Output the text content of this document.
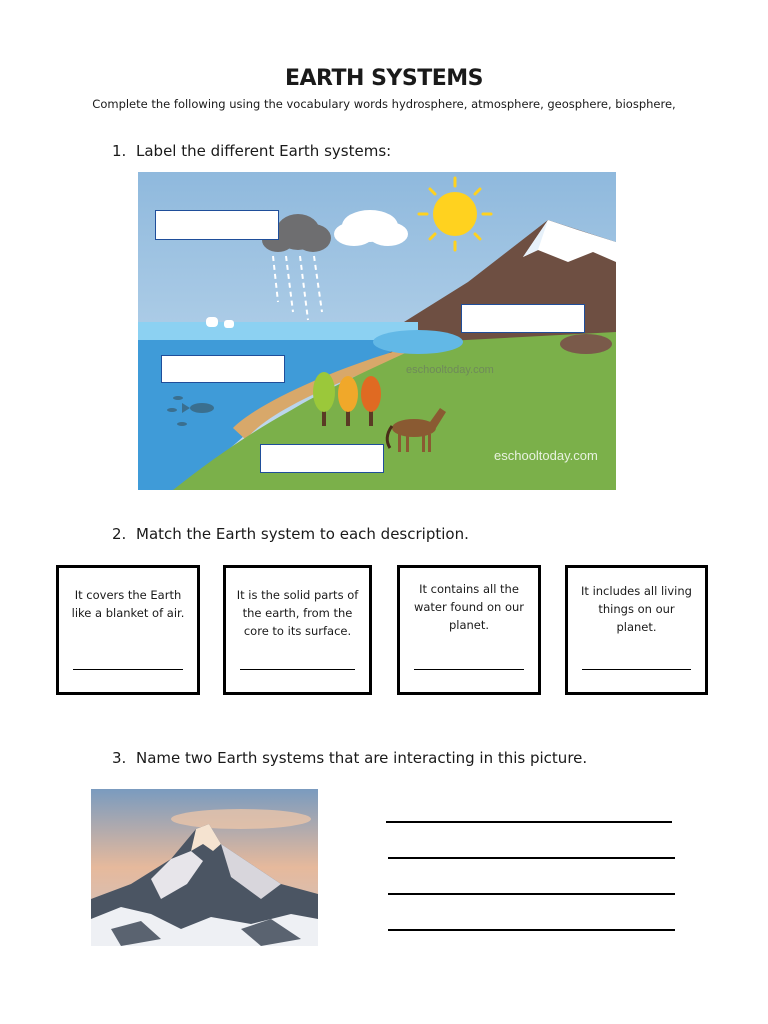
EARTH SYSTEMS
Complete the following using the vocabulary words hydrosphere, atmosphere, geosphere, biosphere,
1. Label the different Earth systems:
eschooltoday.com
eschooltoday.com
2. Match the Earth system to each description.
It covers the Earth like a blanket of air.
It is the solid parts of the earth, from the core to its surface.
It contains all the water found on our planet.
It includes all living things on our planet.
3. Name two Earth systems that are interacting in this picture.
